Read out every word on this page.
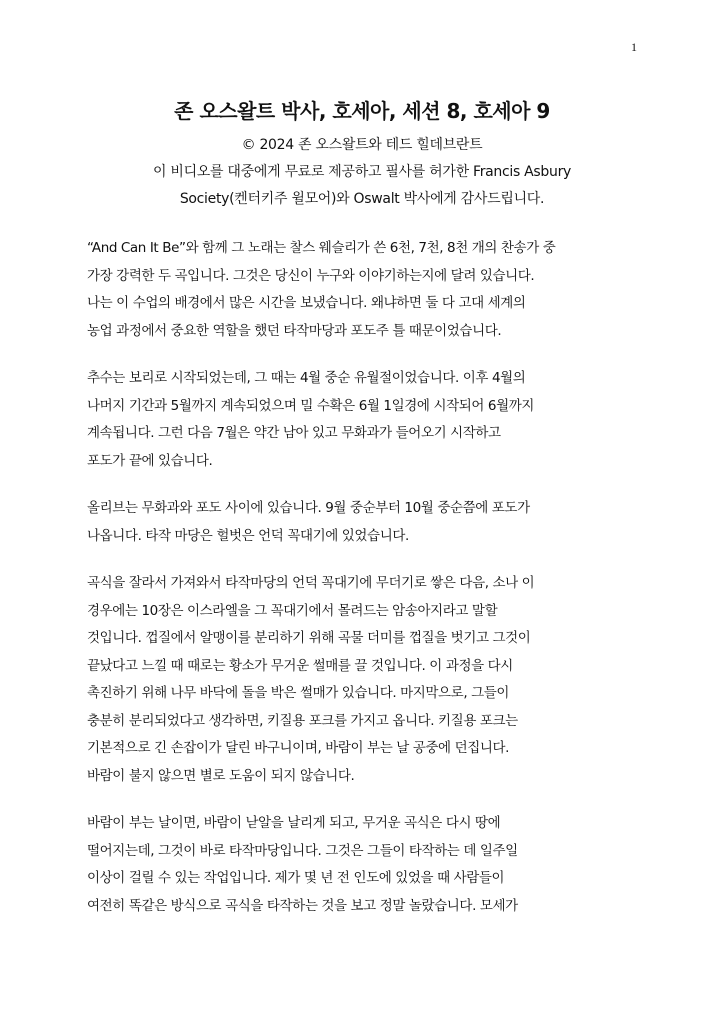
1
존 오스왈트 박사, 호세아, 세션 8, 호세아 9
© 2024 존 오스왈트와 테드 힐데브란트
이 비디오를 대중에게 무료로 제공하고 필사를 허가한 Francis Asbury
Society(켄터키주 윌모어)와 Oswalt 박사에게 감사드립니다.
“And Can It Be”와 함께 그 노래는 찰스 웨슬리가 쓴 6천, 7천, 8천 개의 찬송가 중
가장 강력한 두 곡입니다. 그것은 당신이 누구와 이야기하는지에 달려 있습니다.
나는 이 수업의 배경에서 많은 시간을 보냈습니다. 왜냐하면 둘 다 고대 세계의
농업 과정에서 중요한 역할을 했던 타작마당과 포도주 틀 때문이었습니다.
추수는 보리로 시작되었는데, 그 때는 4월 중순 유월절이었습니다. 이후 4월의
나머지 기간과 5월까지 계속되었으며 밀 수확은 6월 1일경에 시작되어 6월까지
계속됩니다. 그런 다음 7월은 약간 남아 있고 무화과가 들어오기 시작하고
포도가 끝에 있습니다.
올리브는 무화과와 포도 사이에 있습니다. 9월 중순부터 10월 중순쯤에 포도가
나옵니다. 타작 마당은 헐벗은 언덕 꼭대기에 있었습니다.
곡식을 잘라서 가져와서 타작마당의 언덕 꼭대기에 무더기로 쌓은 다음, 소나 이
경우에는 10장은 이스라엘을 그 꼭대기에서 몰려드는 암송아지라고 말할
것입니다. 껍질에서 알맹이를 분리하기 위해 곡물 더미를 껍질을 벗기고 그것이
끝났다고 느낄 때 때로는 황소가 무거운 썰매를 끌 것입니다. 이 과정을 다시
촉진하기 위해 나무 바닥에 돌을 박은 썰매가 있습니다. 마지막으로, 그들이
충분히 분리되었다고 생각하면, 키질용 포크를 가지고 옵니다. 키질용 포크는
기본적으로 긴 손잡이가 달린 바구니이며, 바람이 부는 날 공중에 던집니다.
바람이 불지 않으면 별로 도움이 되지 않습니다.
바람이 부는 날이면, 바람이 낟알을 날리게 되고, 무거운 곡식은 다시 땅에
떨어지는데, 그것이 바로 타작마당입니다. 그것은 그들이 타작하는 데 일주일
이상이 걸릴 수 있는 작업입니다. 제가 몇 년 전 인도에 있었을 때 사람들이
여전히 똑같은 방식으로 곡식을 타작하는 것을 보고 정말 놀랐습니다. 모세가
